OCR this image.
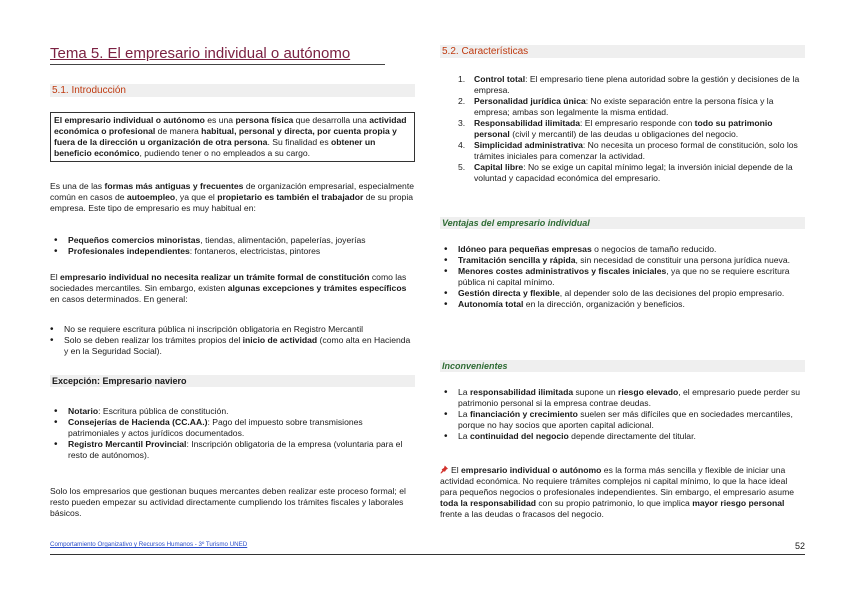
Tema 5. El empresario individual o autónomo

5.1. Introducción

El empresario individual o autónomo es una persona física que desarrolla una actividad económica o profesional de manera habitual, personal y directa, por cuenta propia y fuera de la dirección u organización de otra persona. Su finalidad es obtener un beneficio económico, pudiendo tener o no empleados a su cargo.

Es una de las formas más antiguas y frecuentes de organización empresarial, especialmente común en casos de autoempleo, ya que el propietario es también el trabajador de su propia empresa. Este tipo de empresario es muy habitual en:

• Pequeños comercios minoristas, tiendas, alimentación, papelerías, joyerías
• Profesionales independientes: fontaneros, electricistas, pintores

El empresario individual no necesita realizar un trámite formal de constitución como las sociedades mercantiles. Sin embargo, existen algunas excepciones y trámites específicos en casos determinados. En general:

• No se requiere escritura pública ni inscripción obligatoria en Registro Mercantil
• Solo se deben realizar los trámites propios del inicio de actividad (como alta en Hacienda y en la Seguridad Social).

Excepción: Empresario naviero

• Notario: Escritura pública de constitución.
• Consejerías de Hacienda (CC.AA.): Pago del impuesto sobre transmisiones patrimoniales y actos jurídicos documentados.
• Registro Mercantil Provincial: Inscripción obligatoria de la empresa (voluntaria para el resto de autónomos).

Solo los empresarios que gestionan buques mercantes deben realizar este proceso formal; el resto pueden empezar su actividad directamente cumpliendo los trámites fiscales y laborales básicos.

5.2. Características

1. Control total: El empresario tiene plena autoridad sobre la gestión y decisiones de la empresa.
2. Personalidad jurídica única: No existe separación entre la persona física y la empresa; ambas son legalmente la misma entidad.
3. Responsabilidad ilimitada: El empresario responde con todo su patrimonio personal (civil y mercantil) de las deudas u obligaciones del negocio.
4. Simplicidad administrativa: No necesita un proceso formal de constitución, solo los trámites iniciales para comenzar la actividad.
5. Capital libre: No se exige un capital mínimo legal; la inversión inicial depende de la voluntad y capacidad económica del empresario.

Ventajas del empresario individual

• Idóneo para pequeñas empresas o negocios de tamaño reducido.
• Tramitación sencilla y rápida, sin necesidad de constituir una persona jurídica nueva.
• Menores costes administrativos y fiscales iniciales, ya que no se requiere escritura pública ni capital mínimo.
• Gestión directa y flexible, al depender solo de las decisiones del propio empresario.
• Autonomía total en la dirección, organización y beneficios.

Inconvenientes

• La responsabilidad ilimitada supone un riesgo elevado, el empresario puede perder su patrimonio personal si la empresa contrae deudas.
• La financiación y crecimiento suelen ser más difíciles que en sociedades mercantiles, porque no hay socios que aporten capital adicional.
• La continuidad del negocio depende directamente del titular.

El empresario individual o autónomo es la forma más sencilla y flexible de iniciar una actividad económica. No requiere trámites complejos ni capital mínimo, lo que la hace ideal para pequeños negocios o profesionales independientes. Sin embargo, el empresario asume toda la responsabilidad con su propio patrimonio, lo que implica mayor riesgo personal frente a las deudas o fracasos del negocio.

Comportamiento Organizativo y Recursos Humanos - 3º Turismo UNED	52
